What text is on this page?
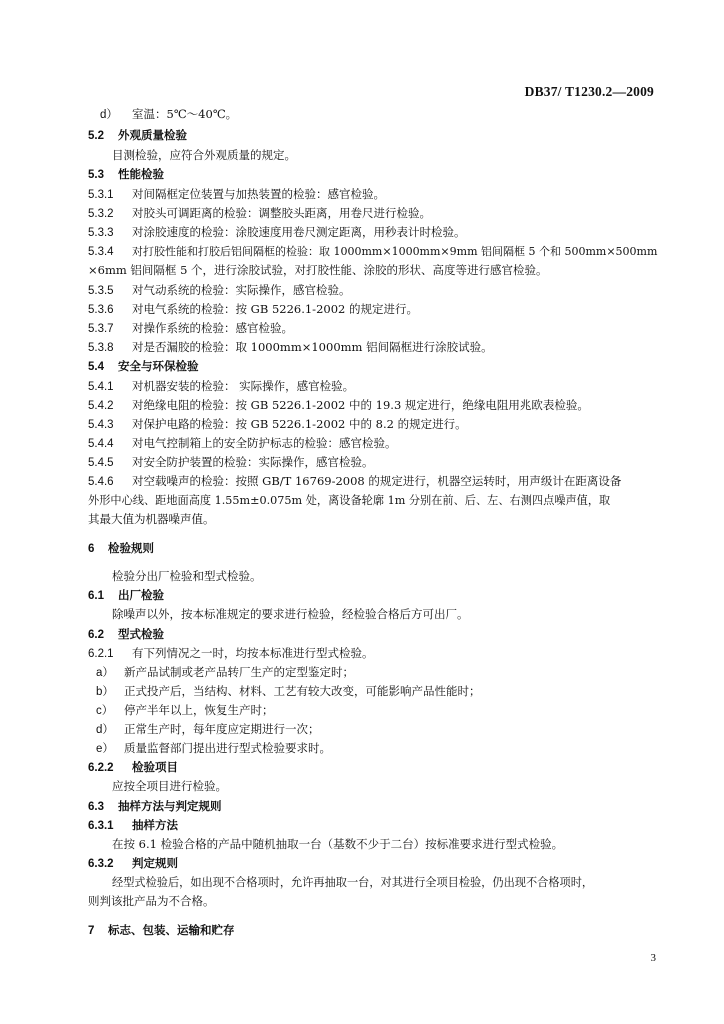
DB37/ T1230.2—2009
d） 室温：5℃～40℃。
5.2 外观质量检验
目测检验，应符合外观质量的规定。
5.3 性能检验
5.3.1 对间隔框定位装置与加热装置的检验：感官检验。
5.3.2 对胶头可调距离的检验：调整胶头距离，用卷尺进行检验。
5.3.3 对涂胶速度的检验：涂胶速度用卷尺测定距离，用秒表计时检验。
5.3.4 对打胶性能和打胶后铝间隔框的检验：取 1000mm×1000mm×9mm 铝间隔框 5 个和 500mm×500mm
×6mm 铝间隔框 5 个，进行涂胶试验，对打胶性能、涂胶的形状、高度等进行感官检验。
5.3.5 对气动系统的检验：实际操作，感官检验。
5.3.6 对电气系统的检验：按 GB 5226.1-2002 的规定进行。
5.3.7 对操作系统的检验：感官检验。
5.3.8 对是否漏胶的检验：取 1000mm×1000mm 铝间隔框进行涂胶试验。
5.4 安全与环保检验
5.4.1 对机器安装的检验： 实际操作，感官检验。
5.4.2 对绝缘电阻的检验：按 GB 5226.1-2002 中的 19.3 规定进行，绝缘电阻用兆欧表检验。
5.4.3 对保护电路的检验：按 GB 5226.1-2002 中的 8.2 的规定进行。
5.4.4 对电气控制箱上的安全防护标志的检验：感官检验。
5.4.5 对安全防护装置的检验：实际操作，感官检验。
5.4.6 对空载噪声的检验：按照 GB/T 16769-2008 的规定进行，机器空运转时，用声级计在距离设备
外形中心线、距地面高度 1.55m±0.075m 处，离设备轮廓 1m 分别在前、后、左、右测四点噪声值，取
其最大值为机器噪声值。
6 检验规则
检验分出厂检验和型式检验。
6.1 出厂检验
除噪声以外，按本标准规定的要求进行检验，经检验合格后方可出厂。
6.2 型式检验
6.2.1 有下列情况之一时，均按本标准进行型式检验。
a） 新产品试制或老产品转厂生产的定型鉴定时；
b） 正式投产后，当结构、材料、工艺有较大改变，可能影响产品性能时；
c） 停产半年以上，恢复生产时；
d） 正常生产时，每年度应定期进行一次；
e） 质量监督部门提出进行型式检验要求时。
6.2.2 检验项目
应按全项目进行检验。
6.3 抽样方法与判定规则
6.3.1 抽样方法
在按 6.1 检验合格的产品中随机抽取一台（基数不少于二台）按标准要求进行型式检验。
6.3.2 判定规则
经型式检验后，如出现不合格项时，允许再抽取一台，对其进行全项目检验，仍出现不合格项时，
则判该批产品为不合格。
7 标志、包装、运输和贮存
3
